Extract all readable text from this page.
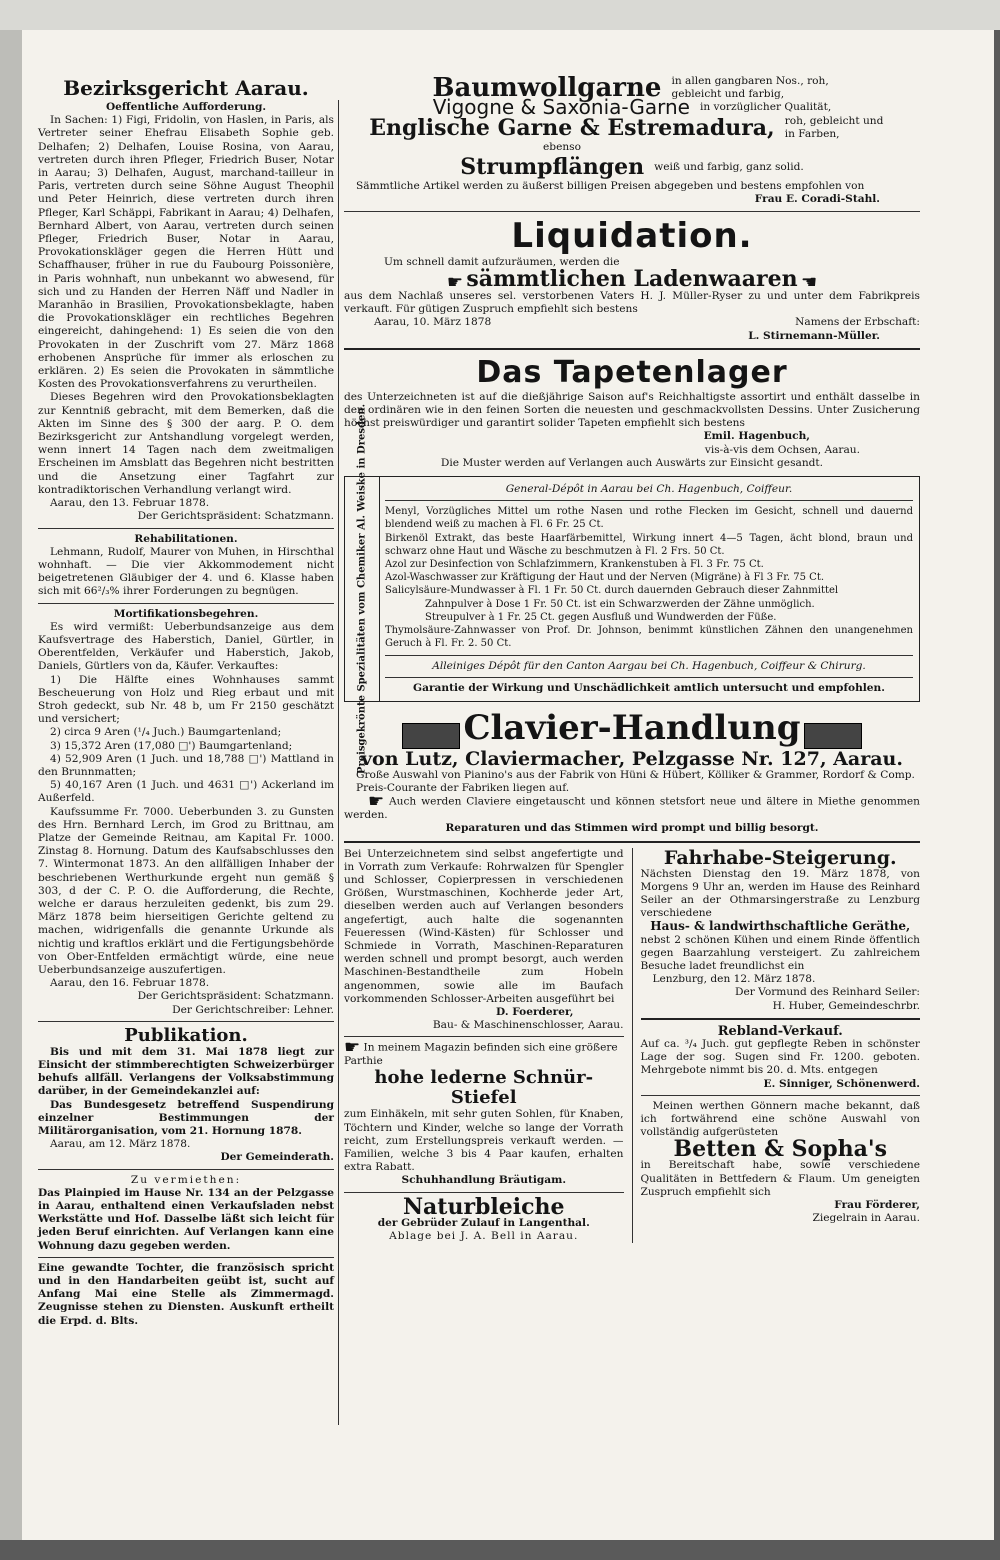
Bezirksgericht Aarau.
Oeffentliche Aufforderung.

In Sachen: 1) Figi, Fridolin, von Haslen, in Paris, als Vertreter seiner Ehefrau Elisabeth Sophie geb. Delhafen; 2) Delhafen, Louise Rosina, von Aarau, vertreten durch ihren Pfleger, Friedrich Buser, Notar in Aarau; 3) Delhafen, August, marchand-tailleur in Paris, vertreten durch seine Söhne August Theophil und Peter Heinrich, diese vertreten durch ihren Pfleger, Karl Schäppi, Fabrikant in Aarau; 4) Delhafen, Bernhard Albert, von Aarau, vertreten durch seinen Pfleger, Friedrich Buser, Notar in Aarau, Provokationskläger gegen die Herren Hütt und Schaffhauser, früher in rue du Faubourg Poissonière, in Paris wohnhaft, nun unbekannt wo abwesend, für sich und zu Handen der Herren Näff und Nadler in Maranhão in Brasilien, Provokationsbeklagte, haben die Provokationskläger ein rechtliches Begehren eingereicht, dahingehend: 1) Es seien die von den Provokaten in der Zuschrift vom 27. März 1868 erhobenen Ansprüche für immer als erloschen zu erklären. 2) Es seien die Provokaten in sämmtliche Kosten des Provokationsverfahrens zu verurtheilen.

Dieses Begehren wird den Provokationsbeklagten zur Kenntniß gebracht, mit dem Bemerken, daß die Akten im Sinne des § 300 der aarg. P. O. dem Bezirksgericht zur Antshandlung vorgelegt werden, wenn innert 14 Tagen nach dem zweitmaligen Erscheinen im Amsblatt das Begehren nicht bestritten und die Ansetzung einer Tagfahrt zur kontradiktorischen Verhandlung verlangt wird.

Aarau, den 13. Februar 1878.

Der Gerichtspräsident: Schatzmann.

Rehabilitationen.

Lehmann, Rudolf, Maurer von Muhen, in Hirschthal wohnhaft. — Die vier Akkommodement nicht beigetretenen Gläubiger der 4. und 6. Klasse haben sich mit 66²/₃% ihrer Forderungen zu begnügen.

Mortifikationsbegehren.

Es wird vermißt: Ueberbundsanzeige aus dem Kaufsvertrage des Haberstich, Daniel, Gürtler, in Oberentfelden, Verkäufer und Haberstich, Jakob, Daniels, Gürtlers von da, Käufer. Verkauftes:

1) Die Hälfte eines Wohnhauses sammt Bescheuerung von Holz und Rieg erbaut und mit Stroh gedeckt, sub Nr. 48 b, um Fr 2150 geschätzt und versichert;

2) circa 9 Aren (¹/₄ Juch.) Baumgartenland;

3) 15,372 Aren (17,080 □') Baumgartenland;

4) 52,909 Aren (1 Juch. und 18,788 □') Mattland in den Brunnmatten;

5) 40,167 Aren (1 Juch. und 4631 □') Ackerland im Außerfeld.

Kaufssumme Fr. 7000. Ueberbunden 3. zu Gunsten des Hrn. Bernhard Lerch, im Grod zu Brittnau, am Platze der Gemeinde Reitnau, am Kapital Fr. 1000. Zinstag 8. Hornung. Datum des Kaufsabschlusses den 7. Wintermonat 1873. An den allfälligen Inhaber der beschriebenen Werthurkunde ergeht nun gemäß § 303, d der C. P. O. die Aufforderung, die Rechte, welche er daraus herzuleiten gedenkt, bis zum 29. März 1878 beim hierseitigen Gerichte geltend zu machen, widrigenfalls die genannte Urkunde als nichtig und kraftlos erklärt und die Fertigungsbehörde von Ober-Entfelden ermächtigt würde, eine neue Ueberbundsanzeige auszufertigen.

Aarau, den 16. Februar 1878.

Der Gerichtspräsident: Schatzmann.

Der Gerichtschreiber: Lehner.

Publikation.

Bis und mit dem 31. Mai 1878 liegt zur Einsicht der stimmberechtigten Schweizerbürger behufs allfäll. Verlangens der Volksabstimmung darüber, in der Gemeindekanzlei auf:

Das Bundesgesetz betreffend Suspendirung einzelner Bestimmungen der Militärorganisation, vom 21. Hornung 1878.

Aarau, am 12. März 1878.

Der Gemeinderath.

Zu vermiethen:

Das Plainpied im Hause Nr. 134 an der Pelzgasse in Aarau, enthaltend einen Verkaufsladen nebst Werkstätte und Hof. Dasselbe läßt sich leicht für jeden Beruf einrichten. Auf Verlangen kann eine Wohnung dazu gegeben werden.

Eine gewandte Tochter, die französisch spricht und in den Handarbeiten geübt ist, sucht auf Anfang Mai eine Stelle als Zimmermagd. Zeugnisse stehen zu Diensten. Auskunft ertheilt die Erpd. d. Blts.

Baumwollgarne in allen gangbaren Nos., roh, gebleicht und farbig,
Vigogne & Saxonia-Garne in vorzüglicher Qualität,
Englische Garne & Estremadura, roh, gebleicht und in Farben,
ebenso
Strumpflängen weiß und farbig, ganz solid.

Sämmtliche Artikel werden zu äußerst billigen Preisen abgegeben und bestens empfohlen von

Frau E. Coradi-Stahl.

Liquidation.

Um schnell damit aufzuräumen, werden die

☛ sämmtlichen Ladenwaaren ☚

aus dem Nachlaß unseres sel. verstorbenen Vaters H. J. Müller-Ryser zu und unter dem Fabrikpreis verkauft. Für gütigen Zuspruch empfiehlt sich bestens

Aarau, 10. März 1878	Namens der Erbschaft:

L. Stirnemann-Müller.

Das Tapetenlager

des Unterzeichneten ist auf die dießjährige Saison auf's Reichhaltigste assortirt und enthält dasselbe in den ordinären wie in den feinen Sorten die neuesten und geschmackvollsten Dessins. Unter Zusicherung höchst preiswürdiger und garantirt solider Tapeten empfiehlt sich bestens

Emil. Hagenbuch,

vis-à-vis dem Ochsen, Aarau.

Die Muster werden auf Verlangen auch Auswärts zur Einsicht gesandt.

Preisgekrönte Spezialitäten vom Chemiker Al. Weiske in Dresden.	General-Dépôt in Aarau bei Ch. Hagenbuch, Coiffeur.

Menyl, Vorzügliches Mittel um rothe Nasen und rothe Flecken im Gesicht, schnell und dauernd blendend weiß zu machen à Fl. 6 Fr. 25 Ct.

Birkenöl Extrakt, das beste Haarfärbemittel, Wirkung innert 4—5 Tagen, ächt blond, braun und schwarz ohne Haut und Wäsche zu beschmutzen à Fl. 2 Frs. 50 Ct.

Azol zur Desinfection von Schlafzimmern, Krankenstuben à Fl. 3 Fr. 75 Ct.

Azol-Waschwasser zur Kräftigung der Haut und der Nerven (Migräne) à Fl 3 Fr. 75 Ct.

Salicylsäure-Mundwasser à Fl. 1 Fr. 50 Ct. durch dauernden Gebrauch dieser Zahnmittel

Zahnpulver à Dose 1 Fr. 50 Ct. ist ein Schwarzwerden der Zähne unmöglich.

Streupulver à 1 Fr. 25 Ct. gegen Ausfluß und Wundwerden der Füße.

Thymolsäure-Zahnwasser von Prof. Dr. Johnson, benimmt künstlichen Zähnen den unangenehmen Geruch à Fl. Fr. 2. 50 Ct.

Alleiniges Dépôt für den Canton Aargau bei Ch. Hagenbuch, Coiffeur & Chirurg.

Garantie der Wirkung und Unschädlichkeit amtlich untersucht und empfohlen.

Clavier-Handlung
von Lutz, Claviermacher, Pelzgasse Nr. 127, Aarau.

Große Auswahl von Pianino's aus der Fabrik von Hüni & Hübert, Kölliker & Grammer, Rordorf & Comp.

Preis-Courante der Fabriken liegen auf.

☛ Auch werden Claviere eingetauscht und können stetsfort neue und ältere in Miethe genommen werden.

Reparaturen und das Stimmen wird prompt und billig besorgt.

Bei Unterzeichnetem sind selbst angefertigte und in Vorrath zum Verkaufe: Rohrwalzen für Spengler und Schlosser, Copierpressen in verschiedenen Größen, Wurstmaschinen, Kochherde jeder Art, dieselben werden auch auf Verlangen besonders angefertigt, auch halte die sogenannten Feueressen (Wind-Kästen) für Schlosser und Schmiede in Vorrath, Maschinen-Reparaturen werden schnell und prompt besorgt, auch werden Maschinen-Bestandtheile zum Hobeln angenommen, sowie alle im Baufach vorkommenden Schlosser-Arbeiten ausgeführt bei

D. Foerderer,

Bau- & Maschinenschlosser, Aarau.

☛ In meinem Magazin befinden sich eine größere Parthie

hohe lederne Schnür-Stiefel

zum Einhäkeln, mit sehr guten Sohlen, für Knaben, Töchtern und Kinder, welche so lange der Vorrath reicht, zum Erstellungspreis verkauft werden. — Familien, welche 3 bis 4 Paar kaufen, erhalten extra Rabatt.

Schuhhandlung Bräutigam.

Naturbleiche

der Gebrüder Zulauf in Langenthal.

Ablage bei J. A. Bell in Aarau.

Fahrhabe-Steigerung.

Nächsten Dienstag den 19. März 1878, von Morgens 9 Uhr an, werden im Hause des Reinhard Seiler an der Othmarsingerstraße zu Lenzburg verschiedene

Haus- & landwirthschaftliche Geräthe,

nebst 2 schönen Kühen und einem Rinde öffentlich gegen Baarzahlung versteigert. Zu zahlreichem Besuche ladet freundlichst ein

Lenzburg, den 12. März 1878.

Der Vormund des Reinhard Seiler:

H. Huber, Gemeindeschrbr.

Rebland-Verkauf.

Auf ca. ³/₄ Juch. gut gepflegte Reben in schönster Lage der sog. Sugen sind Fr. 1200. geboten. Mehrgebote nimmt bis 20. d. Mts. entgegen

E. Sinniger, Schönenwerd.

Meinen werthen Gönnern mache bekannt, daß ich fortwährend eine schöne Auswahl von vollständig aufgerüsteten

Betten & Sopha's

in Bereitschaft habe, sowie verschiedene Qualitäten in Bettfedern & Flaum. Um geneigten Zuspruch empfiehlt sich

Frau Förderer,

Ziegelrain in Aarau.
